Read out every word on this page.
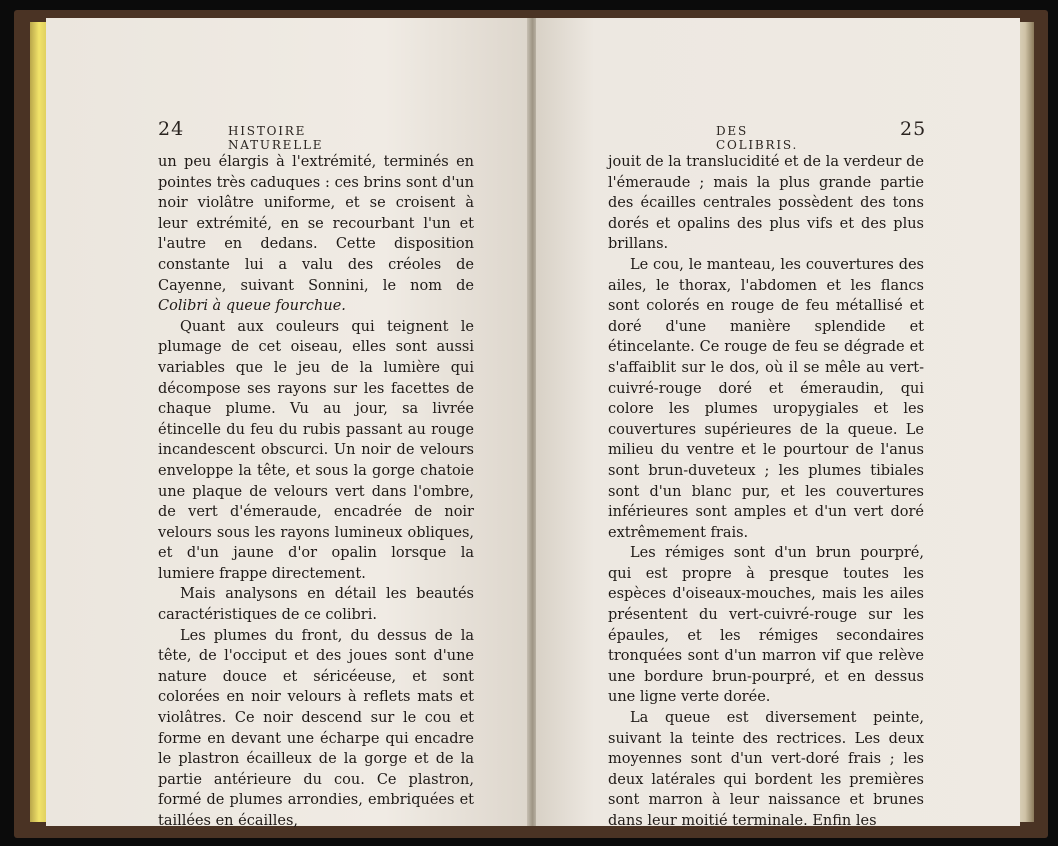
24	HISTOIRE NATURELLE

un peu élargis à l'extrémité, terminés en pointes très caduques : ces brins sont d'un noir violâtre uniforme, et se croisent à leur extrémité, en se recourbant l'un et l'autre en dedans. Cette disposition constante lui a valu des créoles de Cayenne, suivant Sonnini, le nom de Colibri à queue fourchue.

Quant aux couleurs qui teignent le plumage de cet oiseau, elles sont aussi variables que le jeu de la lumière qui décompose ses rayons sur les facettes de chaque plume. Vu au jour, sa livrée étincelle du feu du rubis passant au rouge incandescent obscurci. Un noir de velours enveloppe la tête, et sous la gorge chatoie une plaque de velours vert dans l'ombre, de vert d'émeraude, encadrée de noir velours sous les rayons lumineux obliques, et d'un jaune d'or opalin lorsque la lumiere frappe directement.

Mais analysons en détail les beautés caractéristiques de ce colibri.

Les plumes du front, du dessus de la tête, de l'occiput et des joues sont d'une nature douce et séricéeuse, et sont colorées en noir velours à reflets mats et violâtres. Ce noir descend sur le cou et forme en devant une écharpe qui encadre le plastron écailleux de la gorge et de la partie antérieure du cou. Ce plastron, formé de plumes arrondies, embriquées et taillées en écailles,

DES COLIBRIS.
25

jouit de la translucidité et de la verdeur de l'émeraude ; mais la plus grande partie des écailles centrales possèdent des tons dorés et opalins des plus vifs et des plus brillans.

Le cou, le manteau, les couvertures des ailes, le thorax, l'abdomen et les flancs sont colorés en rouge de feu métallisé et doré d'une manière splendide et étincelante. Ce rouge de feu se dégrade et s'affaiblit sur le dos, où il se mêle au vert-cuivré-rouge doré et émeraudin, qui colore les plumes uropygiales et les couvertures supérieures de la queue. Le milieu du ventre et le pourtour de l'anus sont brun-duveteux ; les plumes tibiales sont d'un blanc pur, et les couvertures inférieures sont amples et d'un vert doré extrêmement frais.

Les rémiges sont d'un brun pourpré, qui est propre à presque toutes les espèces d'oiseaux-mouches, mais les ailes présentent du vert-cuivré-rouge sur les épaules, et les rémiges secondaires tronquées sont d'un marron vif que relève une bordure brun-pourpré, et en dessus une ligne verte dorée.

La queue est diversement peinte, suivant la teinte des rectrices. Les deux moyennes sont d'un vert-doré frais ; les deux latérales qui bordent les premières sont marron à leur naissance et brunes dans leur moitié terminale. Enfin les
